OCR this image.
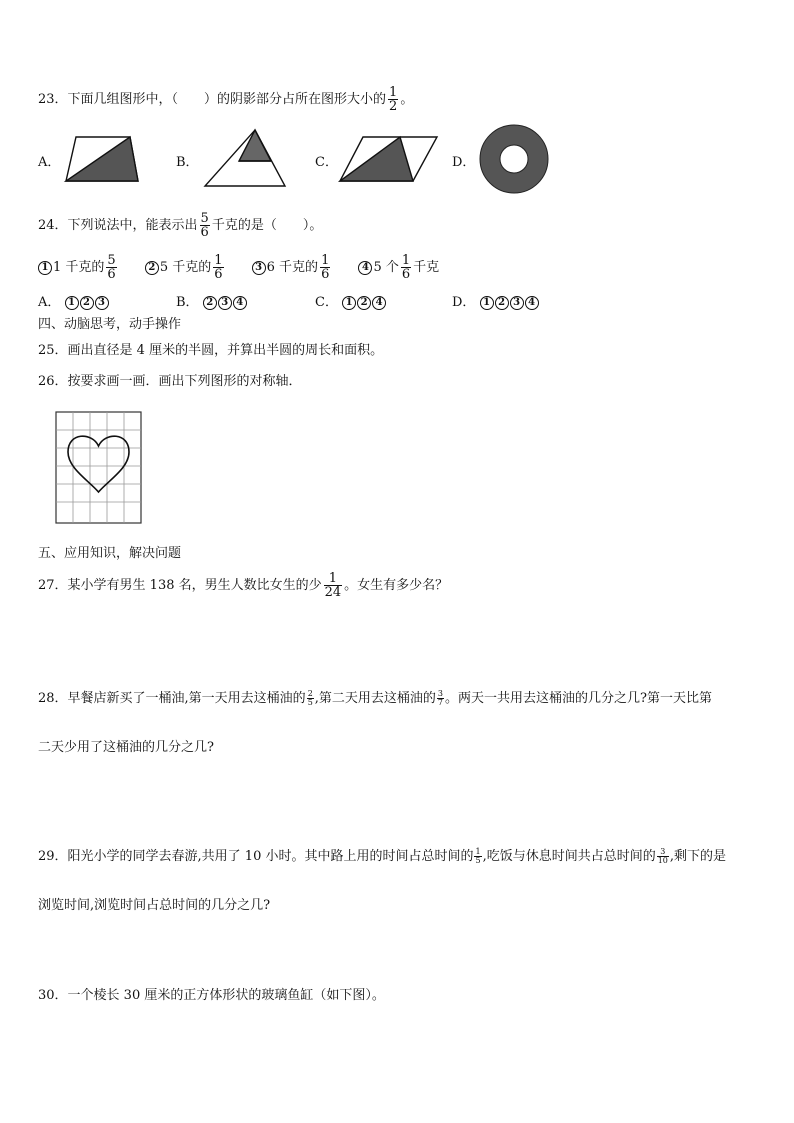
23．下面几组图形中，（　　）的阴影部分占所在图形大小的 $\frac{1}{2}$ 。
A．	B．	C．	D．
24．下列说法中，能表示出 $\frac{5}{6}$ 千克的是（　　）。
1 1 千克的 $\frac{5}{6}$	2 5 千克的 $\frac{1}{6}$	3 6 千克的 $\frac{1}{6}$	4 5 个 $\frac{1}{6}$ 千克
A． 1 2 3	B． 2 3 4	C． 1 2 4	D． 1 2 3 4
四、动脑思考，动手操作
25．画出直径是 4 厘米的半圆，并算出半圆的周长和面积。
26．按要求画一画．画出下列图形的对称轴．
五、应用知识，解决问题
27．某小学有男生 138 名，男生人数比女生的少 $\frac{1}{24}$ 。女生有多少名？
28．早餐店新买了一桶油,第一天用去这桶油的 $\frac{2}{5}$ ,第二天用去这桶油的 $\frac{3}{7}$ 。两天一共用去这桶油的几分之几?第一天比第
二天少用了这桶油的几分之几?
29．阳光小学的同学去春游,共用了 10 小时。其中路上用的时间占总时间的 $\frac{1}{5}$ ,吃饭与休息时间共占总时间的 $\frac{3}{10}$ ,剩下的是
浏览时间,浏览时间占总时间的几分之几?
30．一个棱长 30 厘米的正方体形状的玻璃鱼缸（如下图）。
